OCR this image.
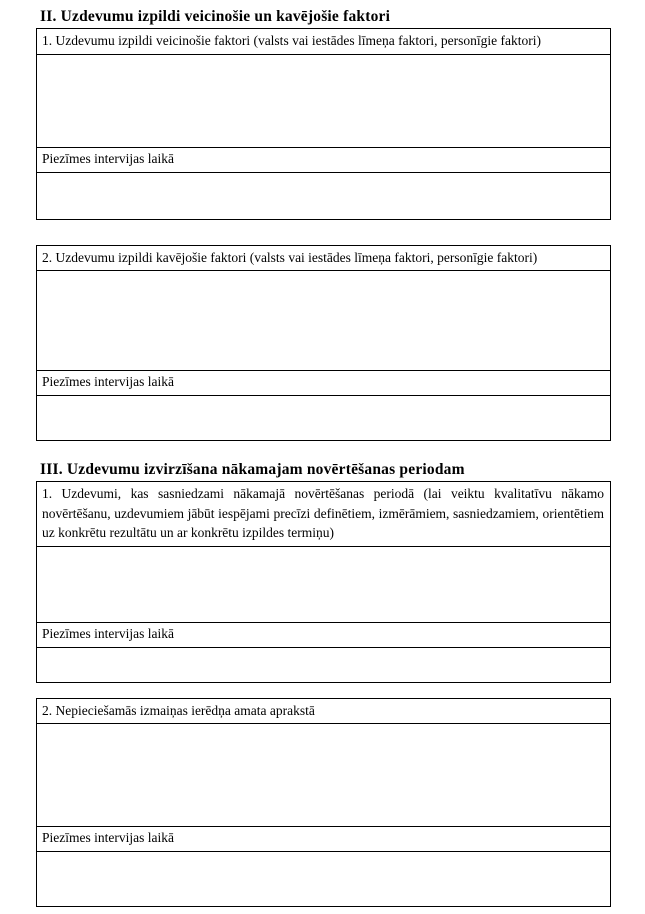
II. Uzdevumu izpildi veicinošie un kavējošie faktori
1. Uzdevumu izpildi veicinošie faktori (valsts vai iestādes līmeņa faktori, personīgie faktori)
Piezīmes intervijas laikā
2. Uzdevumu izpildi kavējošie faktori (valsts vai iestādes līmeņa faktori, personīgie faktori)
Piezīmes intervijas laikā
III. Uzdevumu izvirzīšana nākamajam novērtēšanas periodam
1. Uzdevumi, kas sasniedzami nākamajā novērtēšanas periodā (lai veiktu kvalitatīvu nākamo novērtēšanu, uzdevumiem jābūt iespējami precīzi definētiem, izmērāmiem, sasniedzamiem, orientētiem uz konkrētu rezultātu un ar konkrētu izpildes termiņu)
Piezīmes intervijas laikā
2. Nepieciešamās izmaiņas ierēdņa amata aprakstā
Piezīmes intervijas laikā
